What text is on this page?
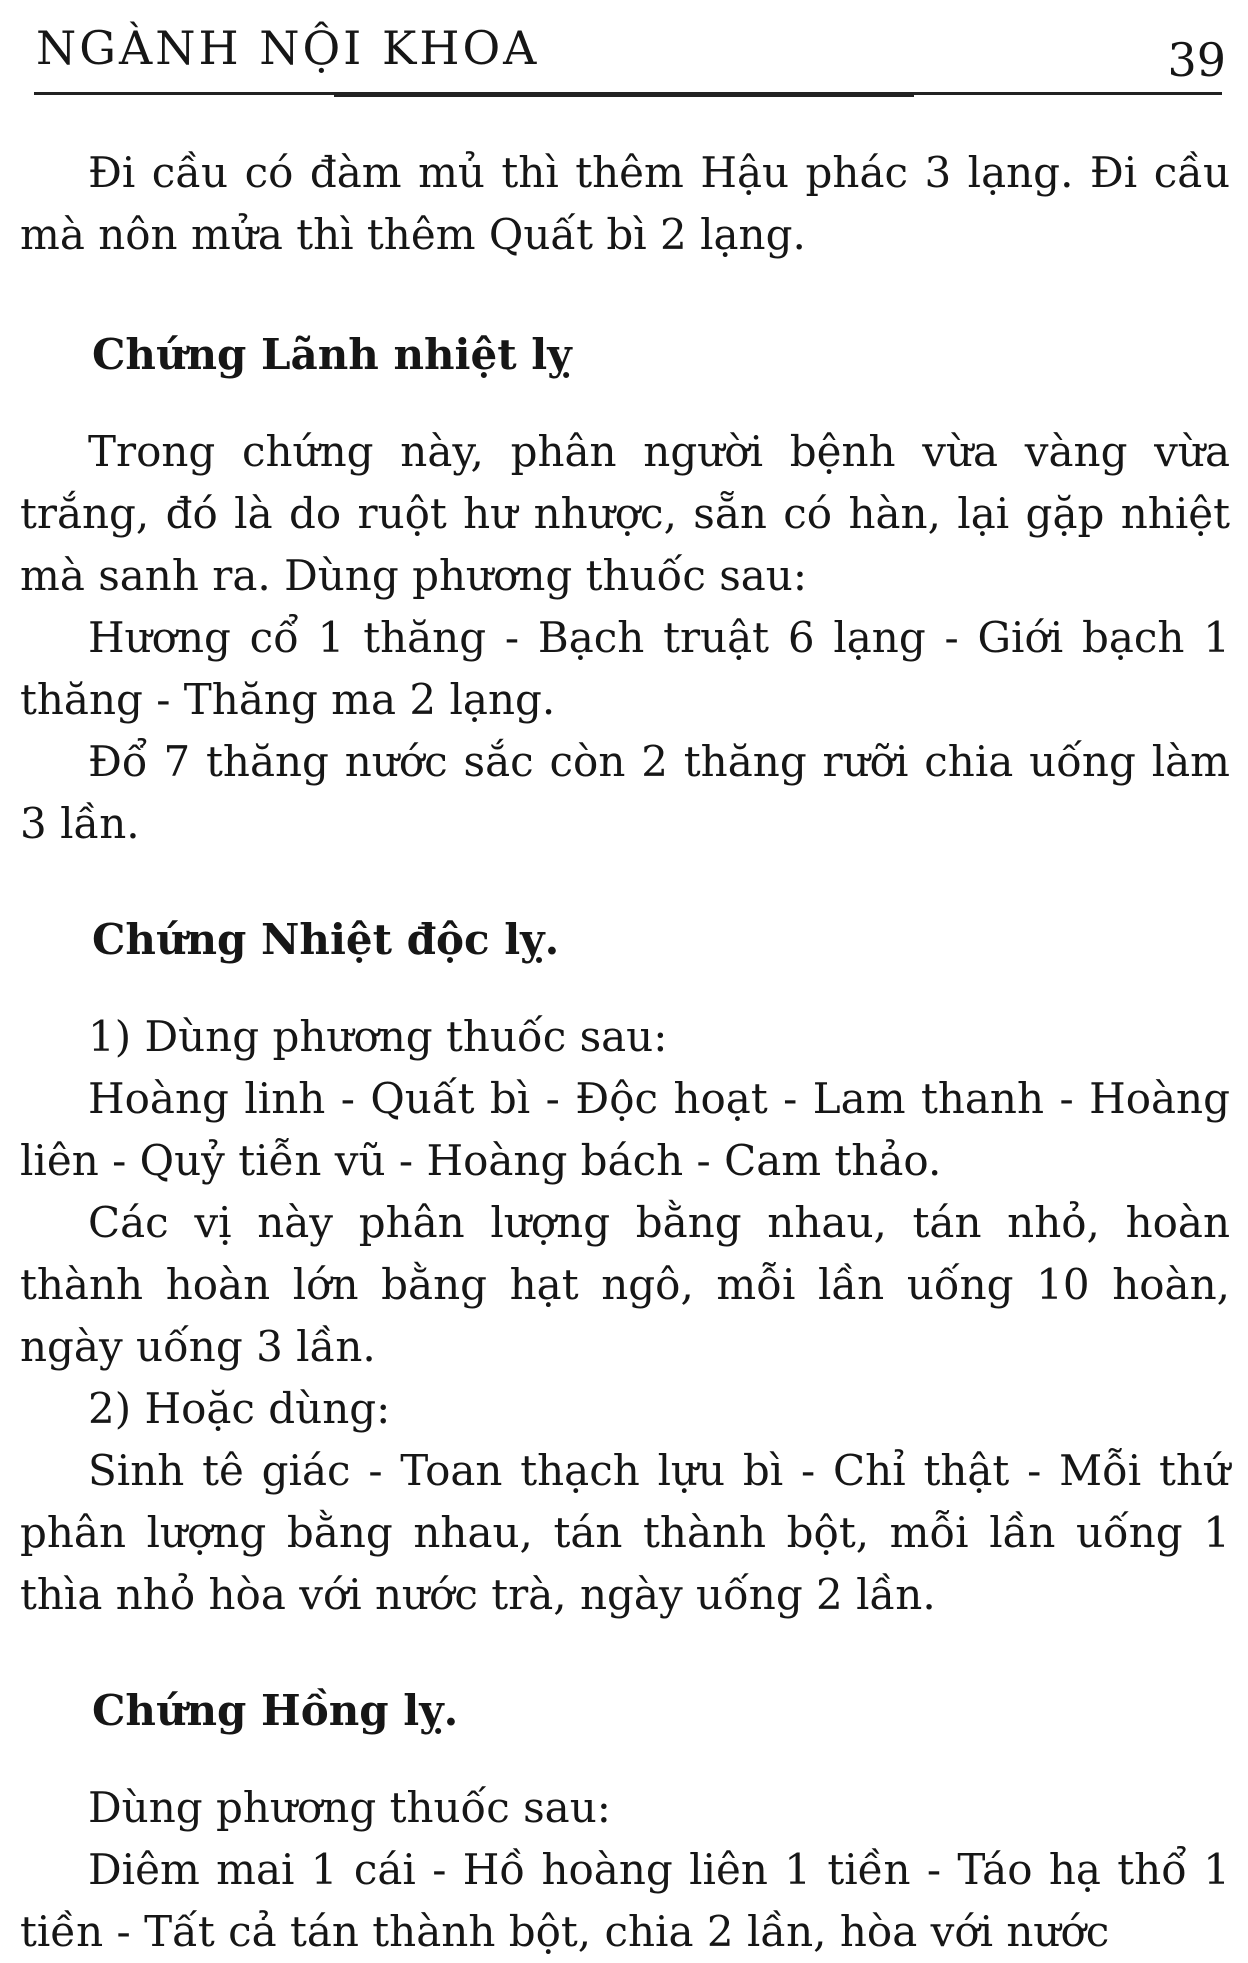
NGÀNH NỘI KHOA	39

Đi cầu có đàm mủ thì thêm Hậu phác 3 lạng. Đi cầu mà nôn mửa thì thêm Quất bì 2 lạng.

Chứng Lãnh nhiệt lỵ

Trong chứng này, phân người bệnh vừa vàng vừa trắng, đó là do ruột hư nhược, sẵn có hàn, lại gặp nhiệt mà sanh ra. Dùng phương thuốc sau:

Hương cổ 1 thăng - Bạch truật 6 lạng - Giới bạch 1 thăng - Thăng ma 2 lạng.

Đổ 7 thăng nước sắc còn 2 thăng rưỡi chia uống làm 3 lần.

Chứng Nhiệt độc lỵ.

1) Dùng phương thuốc sau:

Hoàng linh - Quất bì - Độc hoạt - Lam thanh - Hoàng liên - Quỷ tiễn vũ - Hoàng bách - Cam thảo.

Các vị này phân lượng bằng nhau, tán nhỏ, hoàn thành hoàn lớn bằng hạt ngô, mỗi lần uống 10 hoàn, ngày uống 3 lần.

2) Hoặc dùng:

Sinh tê giác - Toan thạch lựu bì - Chỉ thật - Mỗi thứ phân lượng bằng nhau, tán thành bột, mỗi lần uống 1 thìa nhỏ hòa với nước trà, ngày uống 2 lần.

Chứng Hồng lỵ.

Dùng phương thuốc sau:

Diêm mai 1 cái - Hồ hoàng liên 1 tiền - Táo hạ thổ 1 tiền - Tất cả tán thành bột, chia 2 lần, hòa với nước
